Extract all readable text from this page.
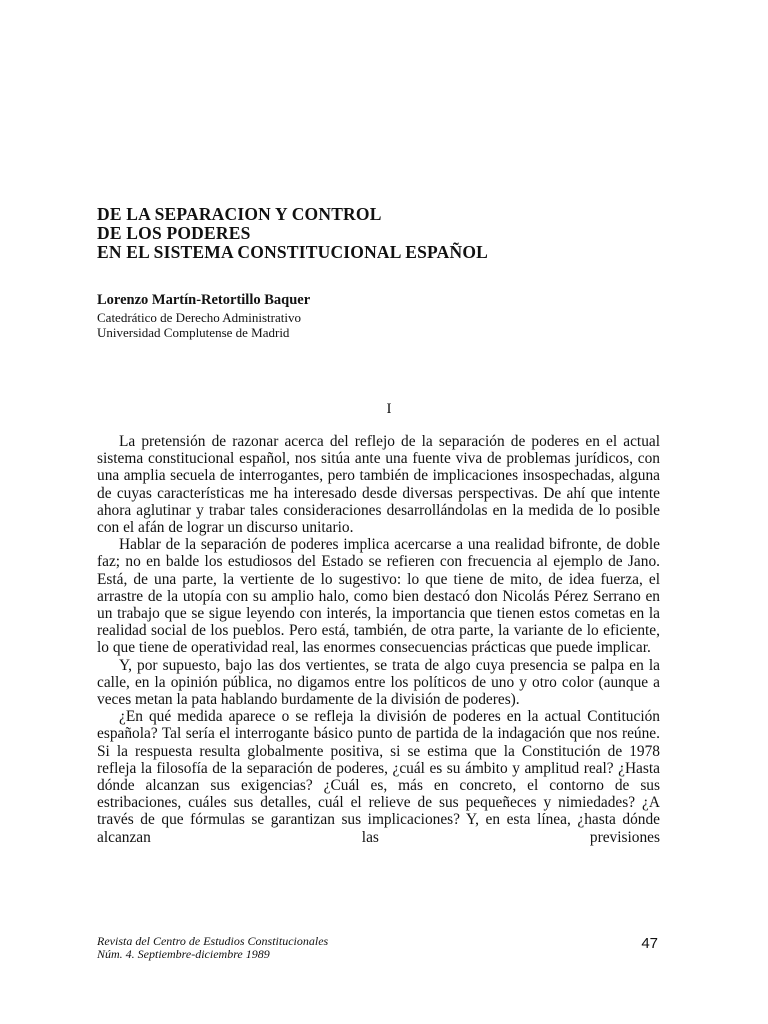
DE LA SEPARACION Y CONTROL
DE LOS PODERES
EN EL SISTEMA CONSTITUCIONAL ESPAÑOL
Lorenzo Martín-Retortillo Baquer
Catedrático de Derecho Administrativo
Universidad Complutense de Madrid
I

La pretensión de razonar acerca del reflejo de la separación de poderes en el actual sistema constitucional español, nos sitúa ante una fuente viva de problemas jurídicos, con una amplia secuela de interrogantes, pero también de implicaciones insospechadas, alguna de cuyas características me ha interesado desde diversas perspectivas. De ahí que intente ahora aglutinar y trabar tales consideraciones desarrollándolas en la medida de lo posible con el afán de lograr un discurso unitario.

Hablar de la separación de poderes implica acercarse a una realidad bifronte, de doble faz; no en balde los estudiosos del Estado se refieren con frecuencia al ejemplo de Jano. Está, de una parte, la vertiente de lo sugestivo: lo que tiene de mito, de idea fuerza, el arrastre de la utopía con su amplio halo, como bien destacó don Nicolás Pérez Serrano en un trabajo que se sigue leyendo con interés, la importancia que tienen estos cometas en la realidad social de los pueblos. Pero está, también, de otra parte, la variante de lo eficiente, lo que tiene de operatividad real, las enormes consecuencias prácticas que puede implicar.

Y, por supuesto, bajo las dos vertientes, se trata de algo cuya presencia se palpa en la calle, en la opinión pública, no digamos entre los políticos de uno y otro color (aunque a veces metan la pata hablando burdamente de la división de poderes).

¿En qué medida aparece o se refleja la división de poderes en la actual Contitución española? Tal sería el interrogante básico punto de partida de la indagación que nos reúne. Si la respuesta resulta globalmente positiva, si se estima que la Constitución de 1978 refleja la filosofía de la separación de poderes, ¿cuál es su ámbito y amplitud real? ¿Hasta dónde alcanzan sus exigencias? ¿Cuál es, más en concreto, el contorno de sus estribaciones, cuáles sus detalles, cuál el relieve de sus pequeñeces y nimiedades? ¿A través de que fórmulas se garantizan sus implicaciones? Y, en esta línea, ¿hasta dónde alcanzan las previsiones

Revista del Centro de Estudios Constitucionales
Núm. 4. Septiembre-diciembre 1989
47
